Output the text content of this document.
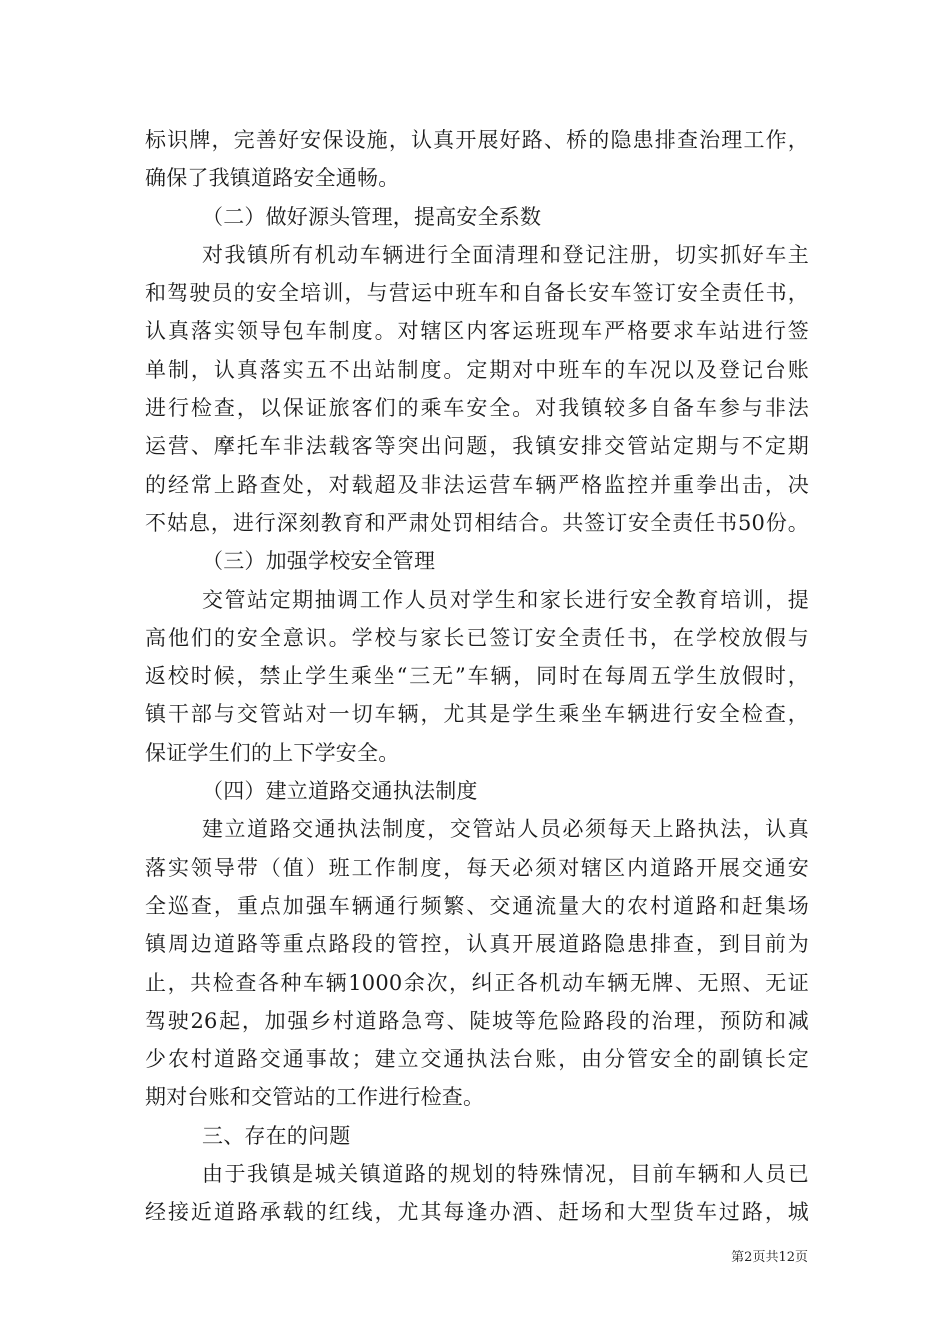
标识牌，完善好安保设施，认真开展好路、桥的隐患排查治理工作，
确保了我镇道路安全通畅。
（二）做好源头管理，提高安全系数
对我镇所有机动车辆进行全面清理和登记注册，切实抓好车主
和驾驶员的安全培训，与营运中班车和自备长安车签订安全责任书，
认真落实领导包车制度。对辖区内客运班现车严格要求车站进行签
单制，认真落实五不出站制度。定期对中班车的车况以及登记台账
进行检查，以保证旅客们的乘车安全。对我镇较多自备车参与非法
运营、摩托车非法载客等突出问题，我镇安排交管站定期与不定期
的经常上路查处，对载超及非法运营车辆严格监控并重拳出击，决
不姑息，进行深刻教育和严肃处罚相结合。共签订安全责任书50份。
（三）加强学校安全管理
交管站定期抽调工作人员对学生和家长进行安全教育培训，提
高他们的安全意识。学校与家长已签订安全责任书，在学校放假与
返校时候，禁止学生乘坐“三无”车辆，同时在每周五学生放假时，
镇干部与交管站对一切车辆，尤其是学生乘坐车辆进行安全检查，
保证学生们的上下学安全。
（四）建立道路交通执法制度
建立道路交通执法制度，交管站人员必须每天上路执法，认真
落实领导带（值）班工作制度，每天必须对辖区内道路开展交通安
全巡查，重点加强车辆通行频繁、交通流量大的农村道路和赶集场
镇周边道路等重点路段的管控，认真开展道路隐患排查，到目前为
止，共检查各种车辆1000余次，纠正各机动车辆无牌、无照、无证
驾驶26起，加强乡村道路急弯、陡坡等危险路段的治理，预防和减
少农村道路交通事故；建立交通执法台账，由分管安全的副镇长定
期对台账和交管站的工作进行检查。
三、存在的问题
由于我镇是城关镇道路的规划的特殊情况，目前车辆和人员已
经接近道路承载的红线，尤其每逢办酒、赶场和大型货车过路，城
第2页共12页
